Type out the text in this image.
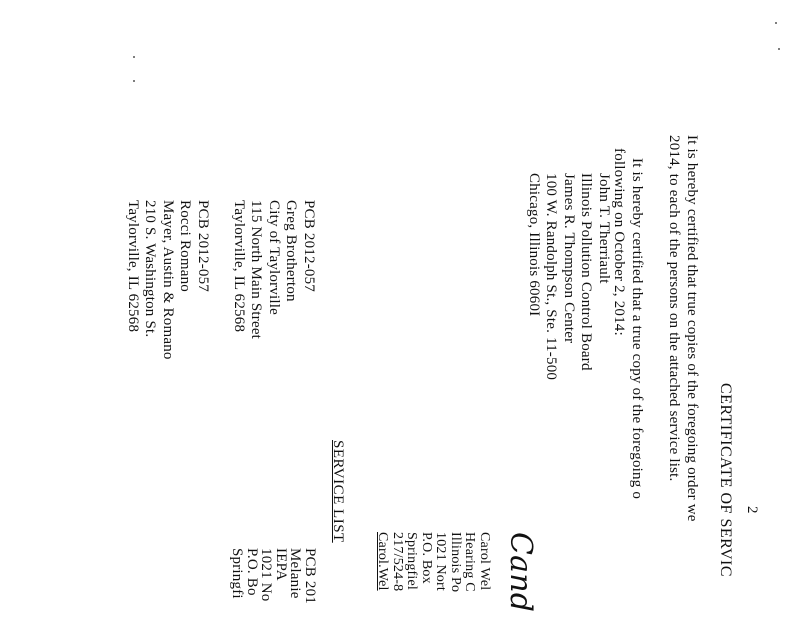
2
CERTIFICATE OF SERVIC
It is hereby certified that true copies of the foregoing order we
2014, to each of the persons on the attached service list.
It is hereby certified that a true copy of the foregoing o
following on October 2, 2014:
John T. Therriault
Illinois Pollution Control Board
James R. Thompson Center
100 W. Randolph St., Ste. 11-500
Chicago, Illinois 6060I
Cand
Carol Wel
Hearing C
Illinois Po
1021 Nort
P.O. Box
Springfiel
217/524-8
Carol.Wel
SERVICE LIST
PCB 2012-057
Greg Brotherton
City of Taylorville
115 North Main Street
Taylorville, IL 62568
PCB 2012-057
Rocci Romano
Mayer, Austin & Romano
210 S. Washington St.
Taylorville, IL 62568
PCB 201
Melanie
IEPA
1021 No
P.O. Bo
Springfi
